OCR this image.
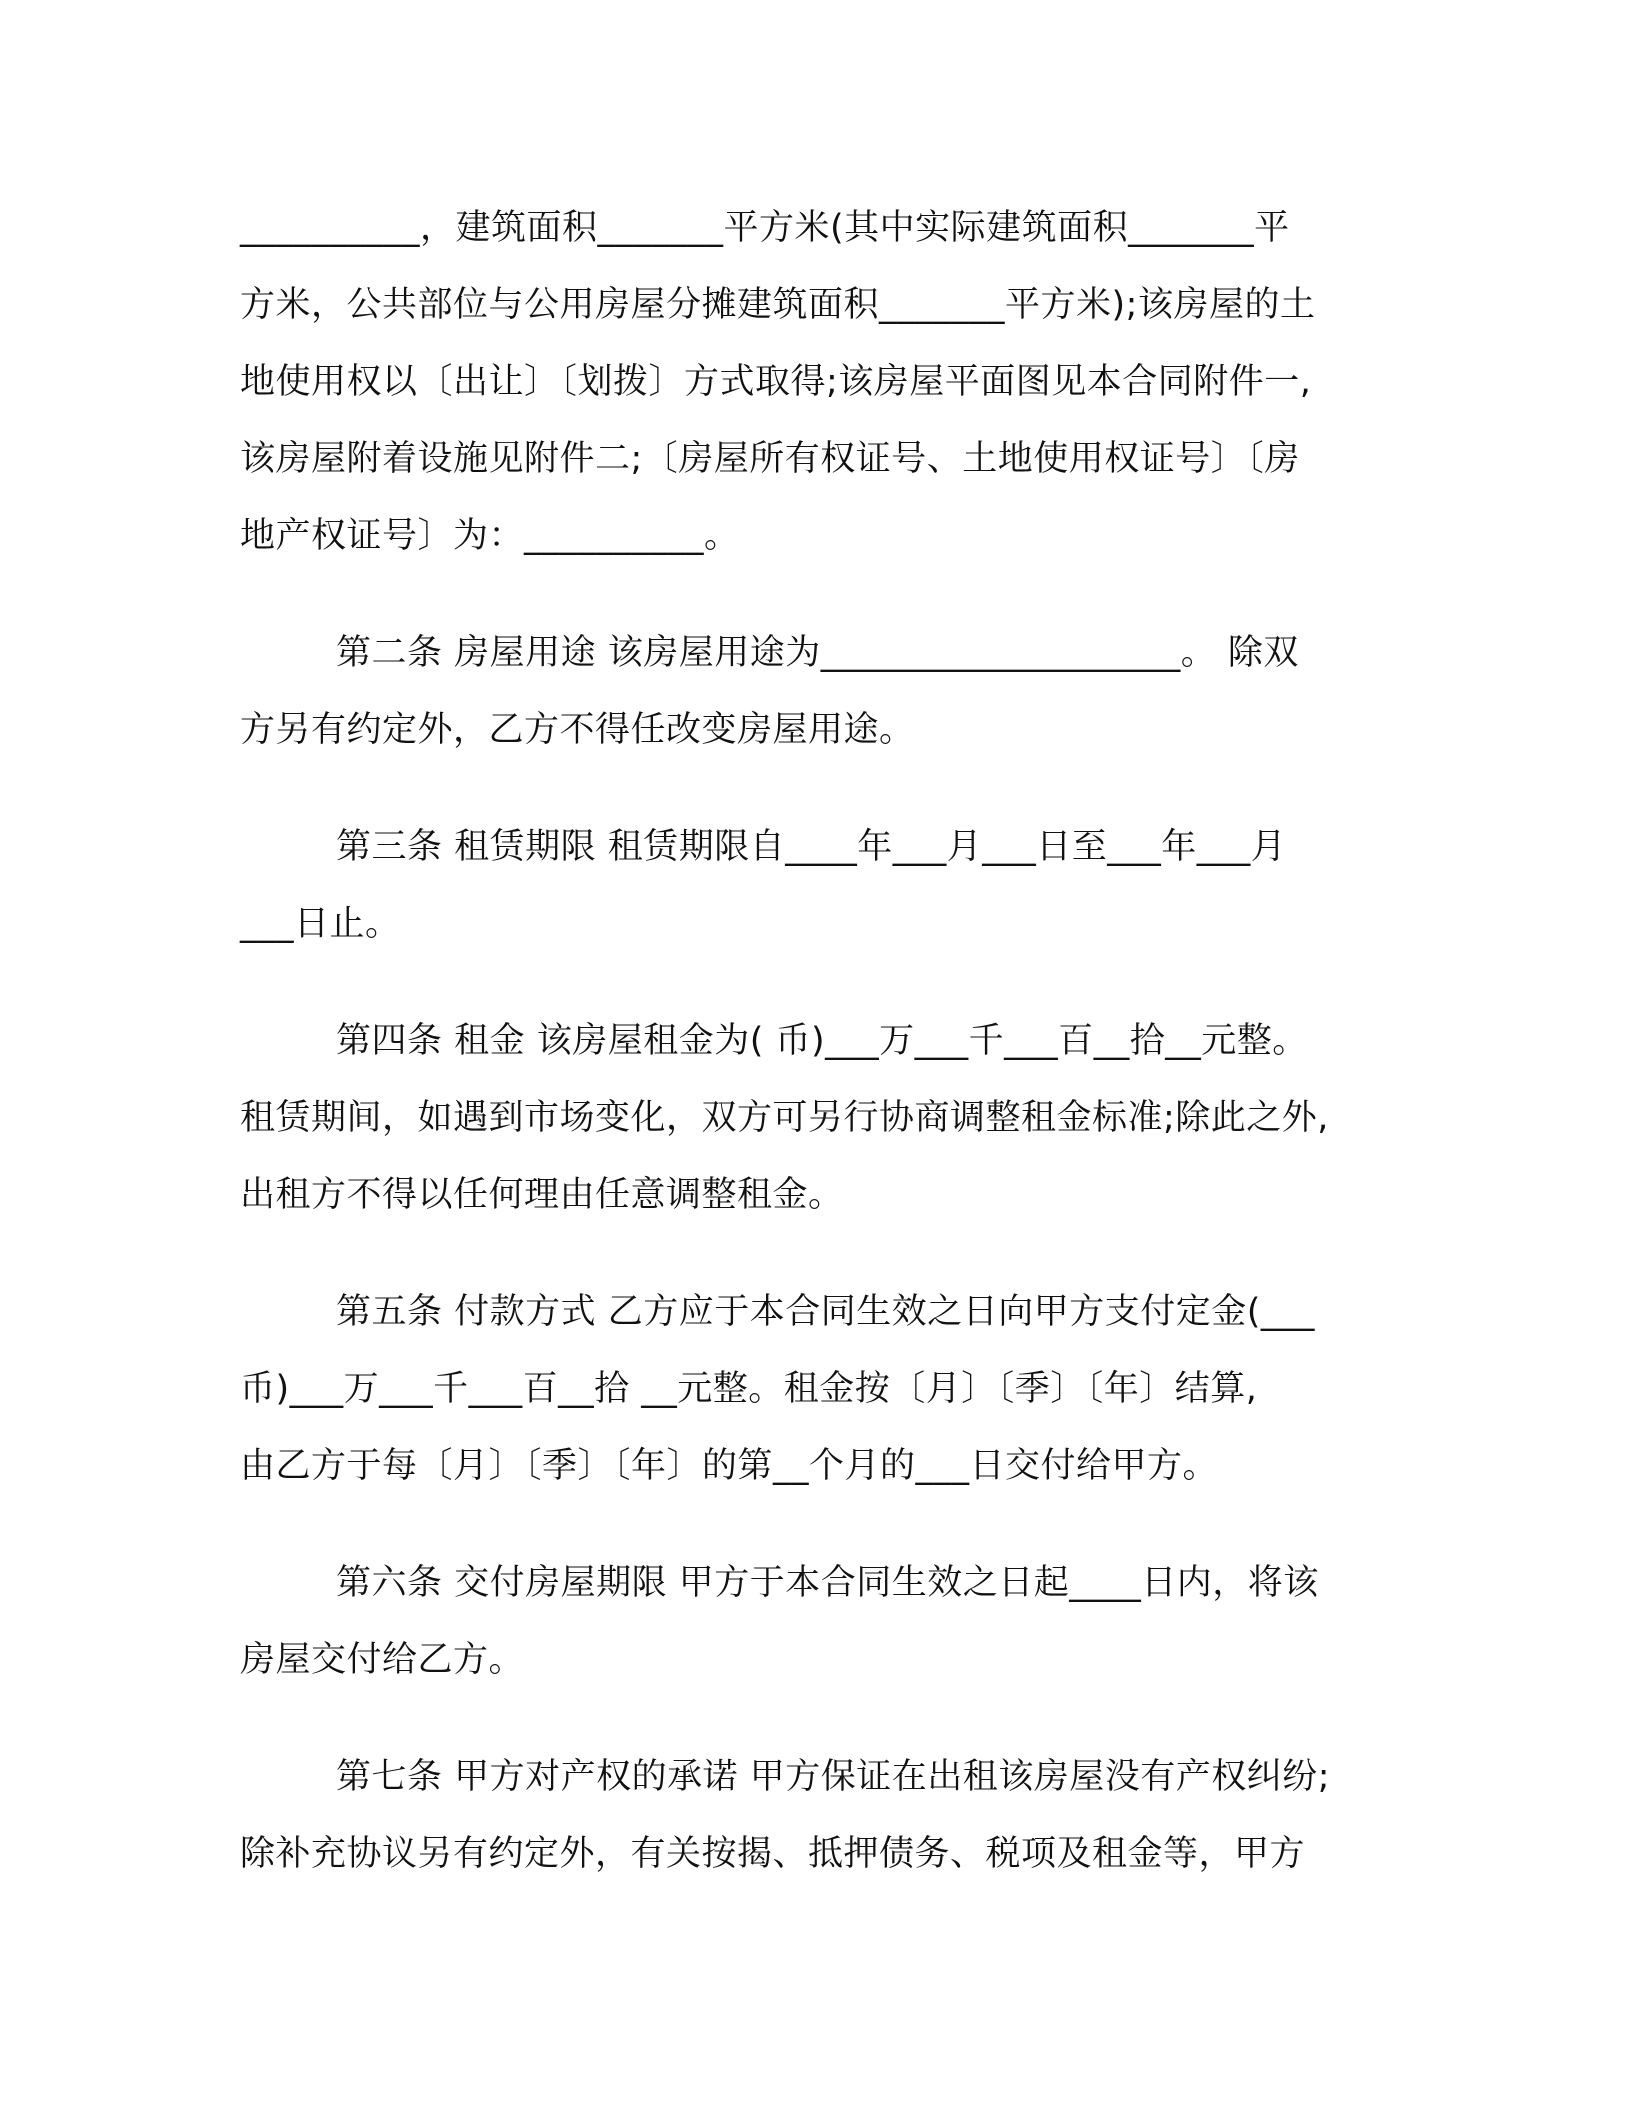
__________，建筑面积_______平方米(其中实际建筑面积_______平
方米，公共部位与公用房屋分摊建筑面积_______平方米);该房屋的土
地使用权以〔出让〕〔划拨〕方式取得;该房屋平面图见本合同附件一,
该房屋附着设施见附件二;〔房屋所有权证号、土地使用权证号〕〔房
地产权证号〕为：__________。

第二条 房屋用途 该房屋用途为____________________。 除双
方另有约定外，乙方不得任改变房屋用途。

第三条 租赁期限 租赁期限自____年___月___日至___年___月
___日止。

第四条 租金 该房屋租金为( 币)___万___千___百__拾__元整。
租赁期间，如遇到市场变化，双方可另行协商调整租金标准;除此之外,
出租方不得以任何理由任意调整租金。

第五条 付款方式 乙方应于本合同生效之日向甲方支付定金(___
币)___万___千___百__拾 __元整。租金按〔月〕〔季〕〔年〕结算,
由乙方于每〔月〕〔季〕〔年〕的第__个月的___日交付给甲方。

第六条 交付房屋期限 甲方于本合同生效之日起____日内，将该
房屋交付给乙方。

第七条 甲方对产权的承诺 甲方保证在出租该房屋没有产权纠纷;
除补充协议另有约定外，有关按揭、抵押债务、税项及租金等，甲方
